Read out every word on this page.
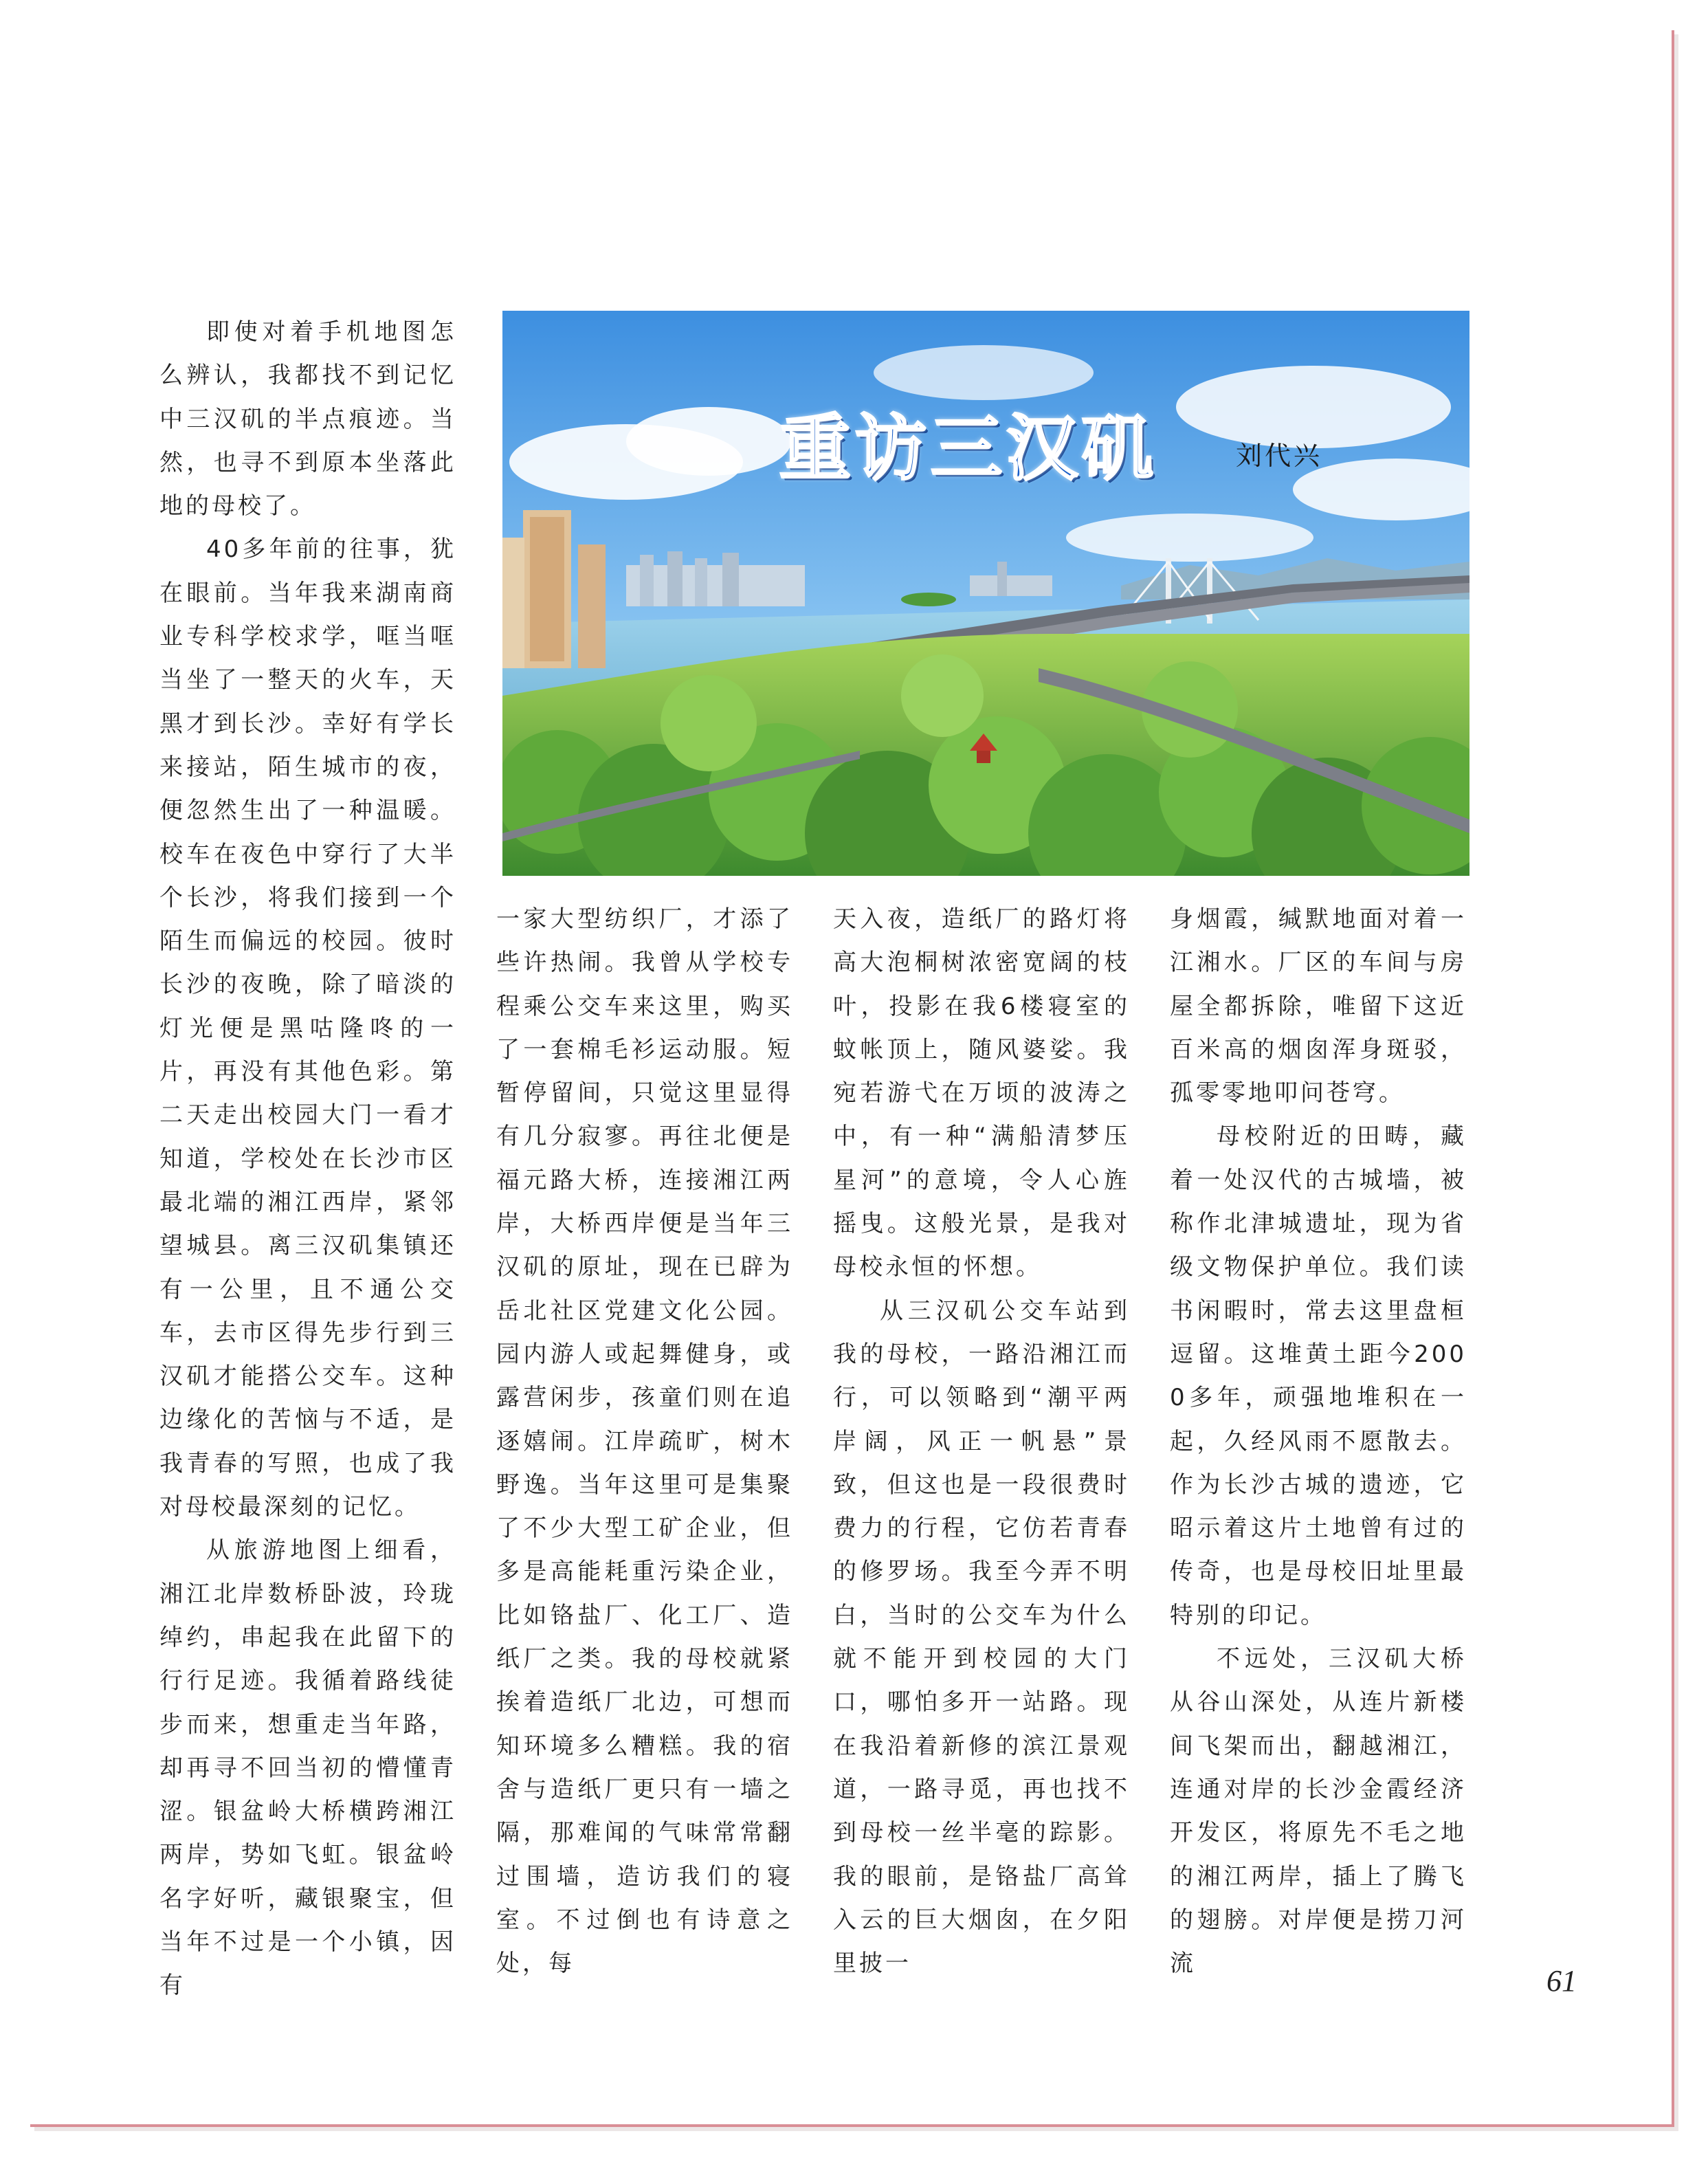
即使对着手机地图怎么辨认，我都找不到记忆中三汉矶的半点痕迹。当然，也寻不到原本坐落此地的母校了。

40多年前的往事，犹在眼前。当年我来湖南商业专科学校求学，哐当哐当坐了一整天的火车，天黑才到长沙。幸好有学长来接站，陌生城市的夜，便忽然生出了一种温暖。校车在夜色中穿行了大半个长沙，将我们接到一个陌生而偏远的校园。彼时长沙的夜晚，除了暗淡的灯光便是黑咕隆咚的一片，再没有其他色彩。第二天走出校园大门一看才知道，学校处在长沙市区最北端的湘江西岸，紧邻望城县。离三汉矶集镇还有一公里，且不通公交车，去市区得先步行到三汉矶才能搭公交车。这种边缘化的苦恼与不适，是我青春的写照，也成了我对母校最深刻的记忆。

从旅游地图上细看，湘江北岸数桥卧波，玲珑绰约，串起我在此留下的行行足迹。我循着路线徒步而来，想重走当年路，却再寻不回当初的懵懂青涩。银盆岭大桥横跨湘江两岸，势如飞虹。银盆岭名字好听，藏银聚宝，但当年不过是一个小镇，因有

重访三汉矶	刘代兴

一家大型纺织厂，才添了些许热闹。我曾从学校专程乘公交车来这里，购买了一套棉毛衫运动服。短暂停留间，只觉这里显得有几分寂寥。再往北便是福元路大桥，连接湘江两岸，大桥西岸便是当年三汉矶的原址，现在已辟为岳北社区党建文化公园。园内游人或起舞健身，或露营闲步，孩童们则在追逐嬉闹。江岸疏旷，树木野逸。当年这里可是集聚了不少大型工矿企业，但多是高能耗重污染企业，比如铬盐厂、化工厂、造纸厂之类。我的母校就紧挨着造纸厂北边，可想而知环境多么糟糕。我的宿舍与造纸厂更只有一墙之隔，那难闻的气味常常翻过围墙，造访我们的寝室。不过倒也有诗意之处，每

天入夜，造纸厂的路灯将高大泡桐树浓密宽阔的枝叶，投影在我6楼寝室的蚊帐顶上，随风婆娑。我宛若游弋在万顷的波涛之中，有一种“满船清梦压星河”的意境，令人心旌摇曳。这般光景，是我对母校永恒的怀想。

从三汉矶公交车站到我的母校，一路沿湘江而行，可以领略到“潮平两岸阔，风正一帆悬”景致，但这也是一段很费时费力的行程，它仿若青春的修罗场。我至今弄不明白，当时的公交车为什么就不能开到校园的大门口，哪怕多开一站路。现在我沿着新修的滨江景观道，一路寻觅，再也找不到母校一丝半毫的踪影。我的眼前，是铬盐厂高耸入云的巨大烟囱，在夕阳里披一

身烟霞，缄默地面对着一江湘水。厂区的车间与房屋全都拆除，唯留下这近百米高的烟囱浑身斑驳，孤零零地叩问苍穹。

母校附近的田畴，藏着一处汉代的古城墙，被称作北津城遗址，现为省级文物保护单位。我们读书闲暇时，常去这里盘桓逗留。这堆黄土距今2000多年，顽强地堆积在一起，久经风雨不愿散去。作为长沙古城的遗迹，它昭示着这片土地曾有过的传奇，也是母校旧址里最特别的印记。

不远处，三汉矶大桥从谷山深处，从连片新楼间飞架而出，翻越湘江，连通对岸的长沙金霞经济开发区，将原先不毛之地的湘江两岸，插上了腾飞的翅膀。对岸便是捞刀河流

61
